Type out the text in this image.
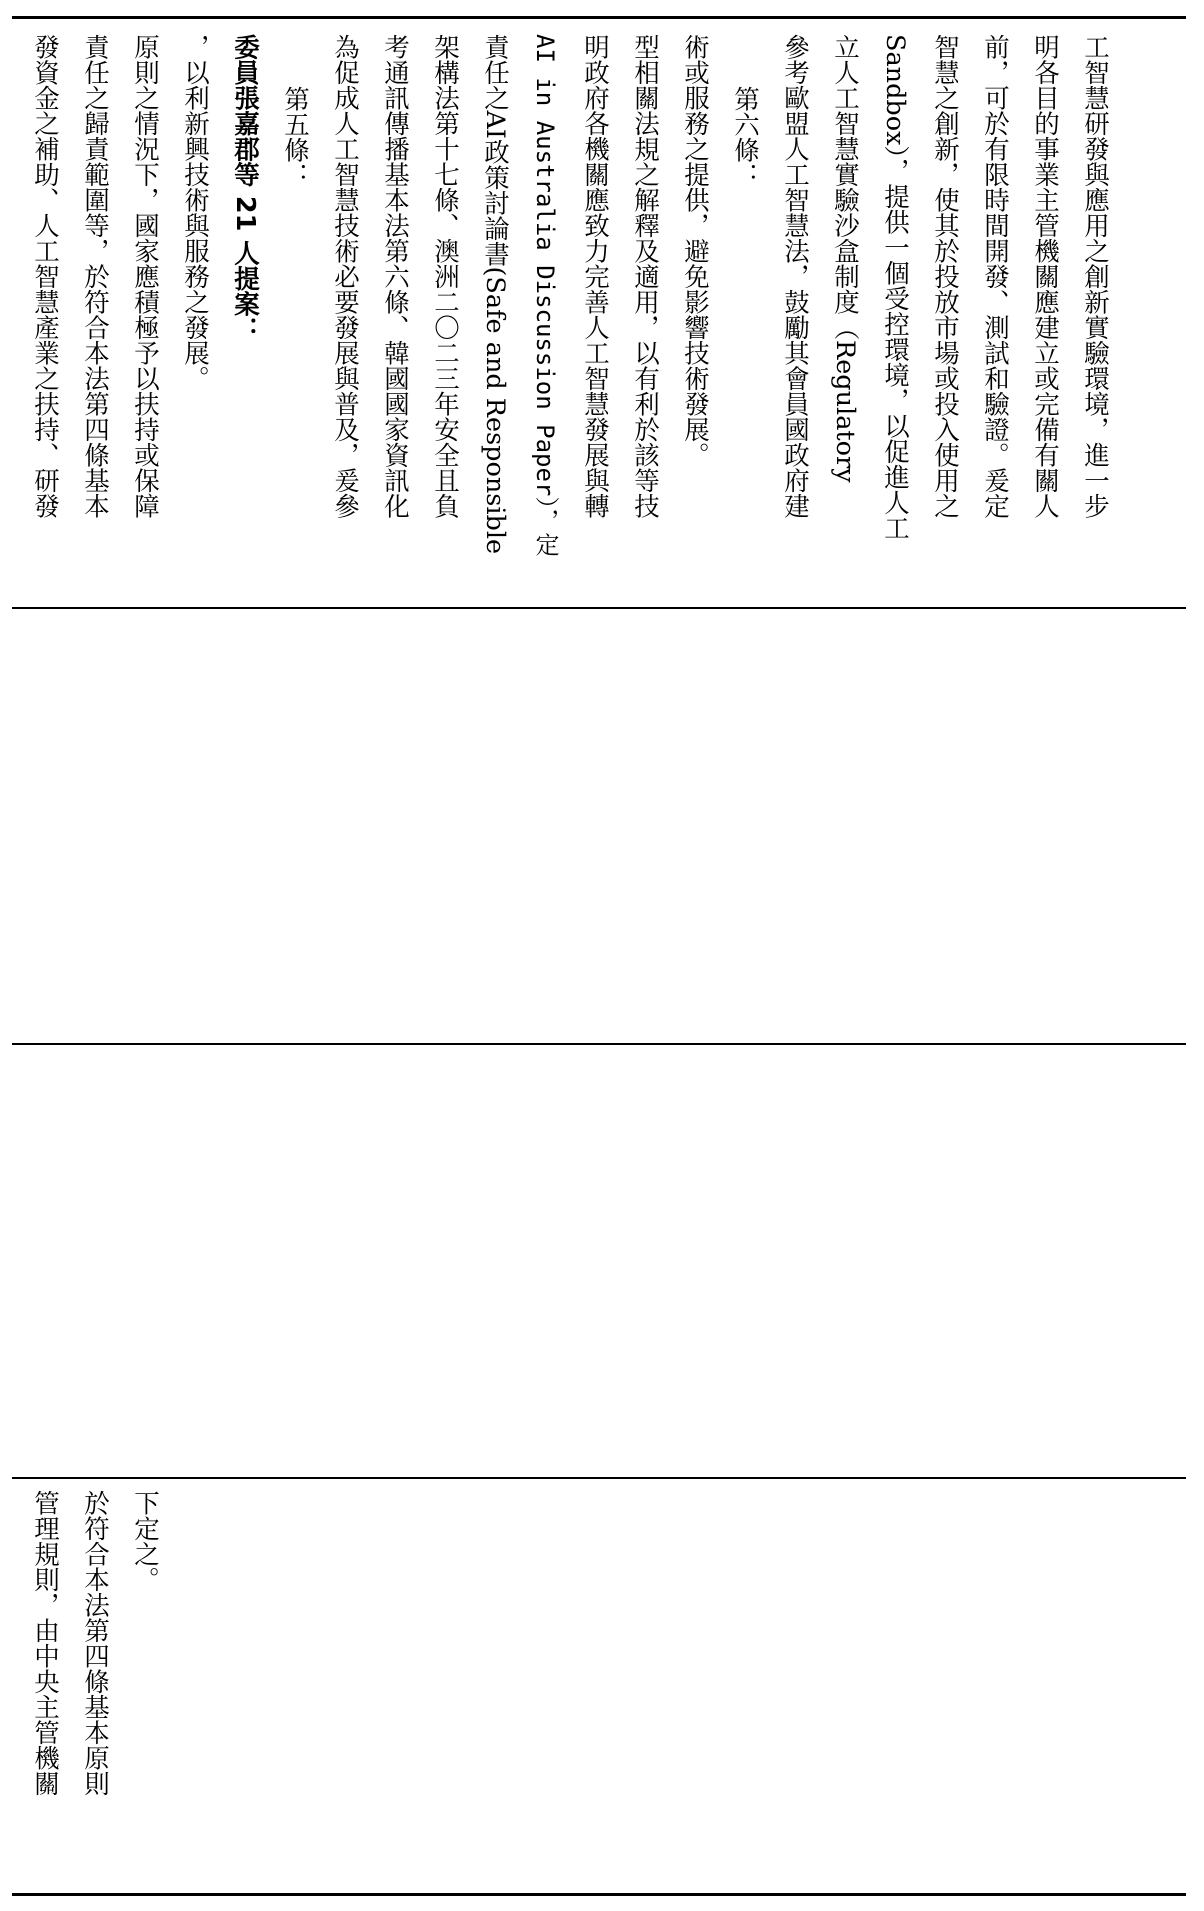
工智慧研發與應用之創新實驗環境，進一步
明各目的事業主管機關應建立或完備有關人
前，可於有限時間開發、測試和驗證。爰定
智慧之創新，使其於投放市場或投入使用之
Sandbox），提供一個受控環境，以促進人工
立人工智慧實驗沙盒制度（Regulatory
參考歐盟人工智慧法，鼓勵其會員國政府建
第六條：
術或服務之提供，避免影響技術發展。
型相關法規之解釋及適用，以有利於該等技
明政府各機關應致力完善人工智慧發展與轉
AI in Australia Discussion Paper），定
責任之AI政策討論書(Safe and Responsible
架構法第十七條、澳洲二〇二三年安全且負
考通訊傳播基本法第六條、韓國國家資訊化
為促成人工智慧技術必要發展與普及，爰參
第五條：
委員張嘉郡等 21 人提案：
，以利新興技術與服務之發展。
原則之情況下，國家應積極予以扶持或保障
責任之歸責範圍等，於符合本法第四條基本
發資金之補助、人工智慧產業之扶持、研發
下定之。
於符合本法第四條基本原則
管理規則，由中央主管機關
